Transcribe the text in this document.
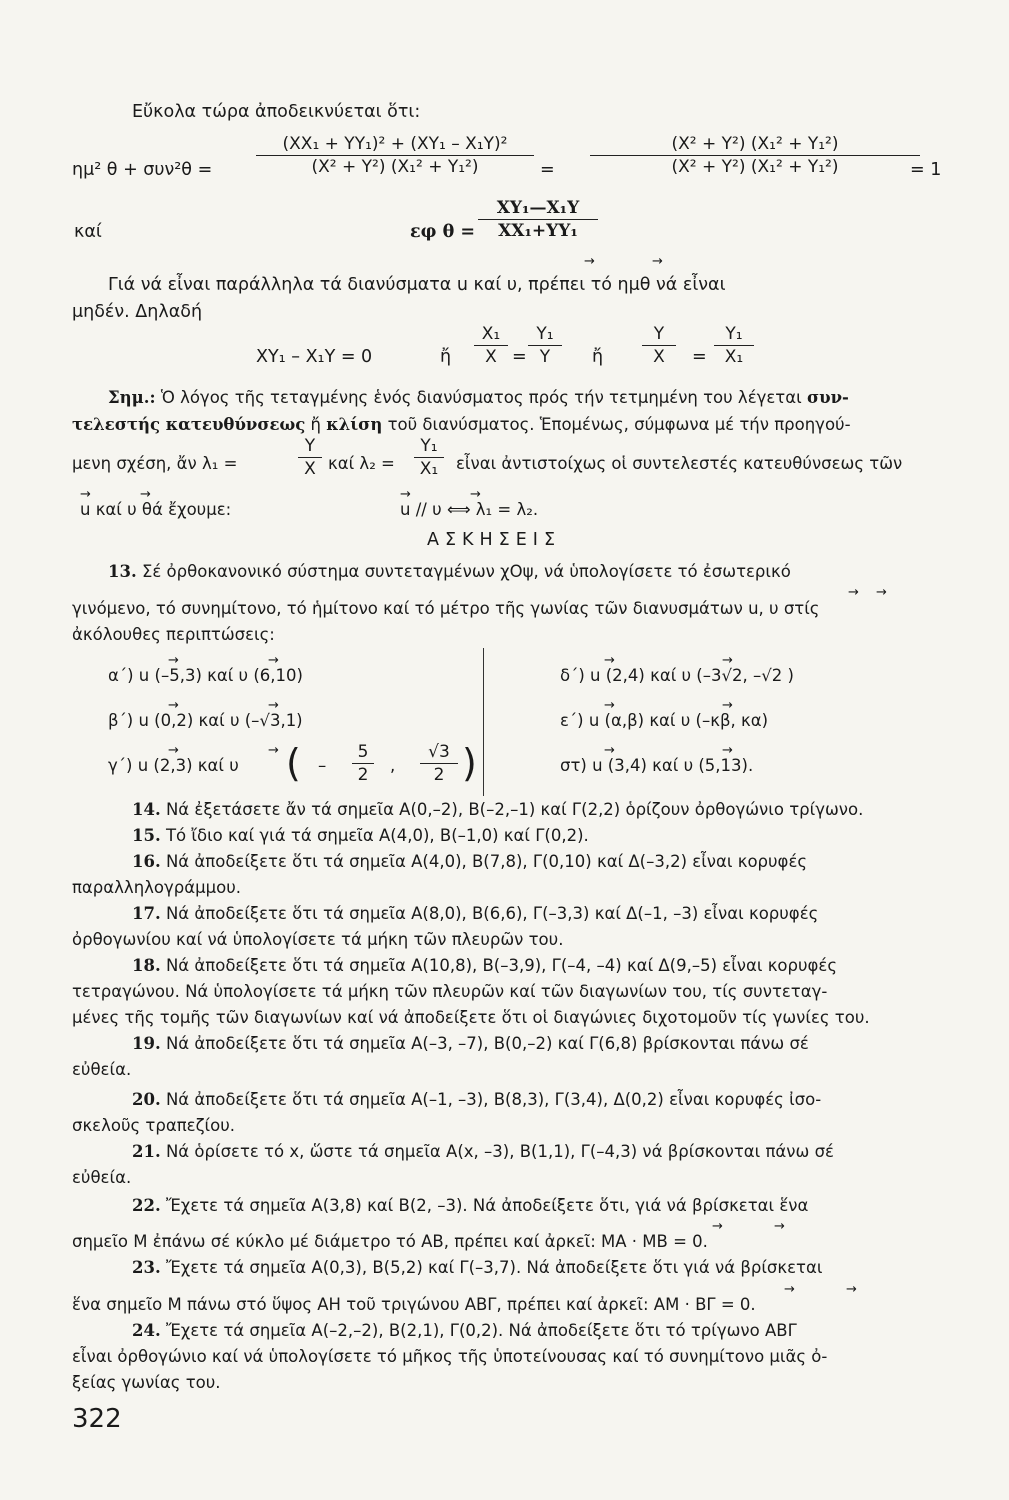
Εὔκολα τώρα ἀποδεικνύεται ὅτι:
ημ² θ + συν²θ =
(XX₁ + YY₁)² + (XY₁ – X₁Y)²
(X² + Y²) (X₁² + Y₁²)	=
(X² + Y²) (X₁² + Y₁²)
(X² + Y²) (X₁² + Y₁²)	= 1
καί	εφ θ =
XY₁—X₁Y
XX₁+YY₁
→	→
Γιά νά εἶναι παράλληλα τά διανύσματα u καί υ, πρέπει τό ημθ νά εἶναι
μηδέν. Δηλαδή
XY₁ – X₁Y = 0	ἤ
X₁
X =
Y₁
Y	ἤ
Y
X	=
Y₁
X₁
Σημ.: Ὁ λόγος τῆς τεταγμένης ἑνός διανύσματος πρός τήν τετμημένη του λέγεται συν-
τελεστής κατευθύνσεως ἤ κλίση τοῦ διανύσματος. Ἑπομένως, σύμφωνα μέ τήν προηγού-
μενη σχέση, ἄν λ₁ =
Y
X καί λ₂ =
Y₁
X₁	εἶναι ἀντιστοίχως οἱ συντελεστές κατευθύνσεως τῶν
→	→	→	→
u καί υ θά ἔχουμε:	u // υ ⟺ λ₁ = λ₂.
ΑΣΚΗΣΕΙΣ
13. Σέ ὀρθοκανονικό σύστημα συντεταγμένων χOψ, νά ὑπολογίσετε τό ἐσωτερικό
→ →
γινόμενο, τό συνημίτονο, τό ἡμίτονο καί τό μέτρο τῆς γωνίας τῶν διανυσμάτων u, υ στίς
ἀκόλουθες περιπτώσεις:
→	→
α΄) u (–5,3) καί υ (6,10)
→	→
β΄) u (0,2) καί υ (–√3,1)
→	→
γ΄) u (2,3) καί υ ( –
5
2	,
√3
2 )
→	→
δ΄) u (2,4) καί υ (–3√2, –√2 )
→	→
ε΄) u (α,β) καί υ (–κβ, κα)
→	→
στ) u (3,4) καί υ (5,13).
14. Νά ἐξετάσετε ἄν τά σημεῖα Α(0,–2), Β(–2,–1) καί Γ(2,2) ὁρίζουν ὀρθογώνιο τρίγωνο.
15. Τό ἴδιο καί γιά τά σημεῖα Α(4,0), Β(–1,0) καί Γ(0,2).
16. Νά ἀποδείξετε ὅτι τά σημεῖα Α(4,0), Β(7,8), Γ(0,10) καί Δ(–3,2) εἶναι κορυφές
παραλληλογράμμου.
17. Νά ἀποδείξετε ὅτι τά σημεῖα Α(8,0), Β(6,6), Γ(–3,3) καί Δ(–1, –3) εἶναι κορυφές
ὀρθογωνίου καί νά ὑπολογίσετε τά μήκη τῶν πλευρῶν του.
18. Νά ἀποδείξετε ὅτι τά σημεῖα Α(10,8), Β(–3,9), Γ(–4, –4) καί Δ(9,–5) εἶναι κορυφές
τετραγώνου. Νά ὑπολογίσετε τά μήκη τῶν πλευρῶν καί τῶν διαγωνίων του, τίς συντεταγ-
μένες τῆς τομῆς τῶν διαγωνίων καί νά ἀποδείξετε ὅτι οἱ διαγώνιες διχοτομοῦν τίς γωνίες του.
19. Νά ἀποδείξετε ὅτι τά σημεῖα Α(–3, –7), Β(0,–2) καί Γ(6,8) βρίσκονται πάνω σέ
εὐθεία.
20. Νά ἀποδείξετε ὅτι τά σημεῖα Α(–1, –3), Β(8,3), Γ(3,4), Δ(0,2) εἶναι κορυφές ἰσο-
σκελοῦς τραπεζίου.
21. Νά ὁρίσετε τό x, ὥστε τά σημεῖα Α(x, –3), Β(1,1), Γ(–4,3) νά βρίσκονται πάνω σέ
εὐθεία.
22. Ἔχετε τά σημεῖα Α(3,8) καί Β(2, –3). Νά ἀποδείξετε ὅτι, γιά νά βρίσκεται ἕνα
→	→
σημεῖο Μ ἐπάνω σέ κύκλο μέ διάμετρο τό ΑΒ, πρέπει καί ἀρκεῖ: ΜΑ · ΜΒ = 0.
23. Ἔχετε τά σημεῖα Α(0,3), Β(5,2) καί Γ(–3,7). Νά ἀποδείξετε ὅτι γιά νά βρίσκεται
→	→
ἕνα σημεῖο Μ πάνω στό ὕψος ΑΗ τοῦ τριγώνου ΑΒΓ, πρέπει καί ἀρκεῖ: ΑΜ · ΒΓ = 0.
24. Ἔχετε τά σημεῖα Α(–2,–2), Β(2,1), Γ(0,2). Νά ἀποδείξετε ὅτι τό τρίγωνο ΑΒΓ
εἶναι ὀρθογώνιο καί νά ὑπολογίσετε τό μῆκος τῆς ὑποτείνουσας καί τό συνημίτονο μιᾶς ὀ-
ξείας γωνίας του.
322
